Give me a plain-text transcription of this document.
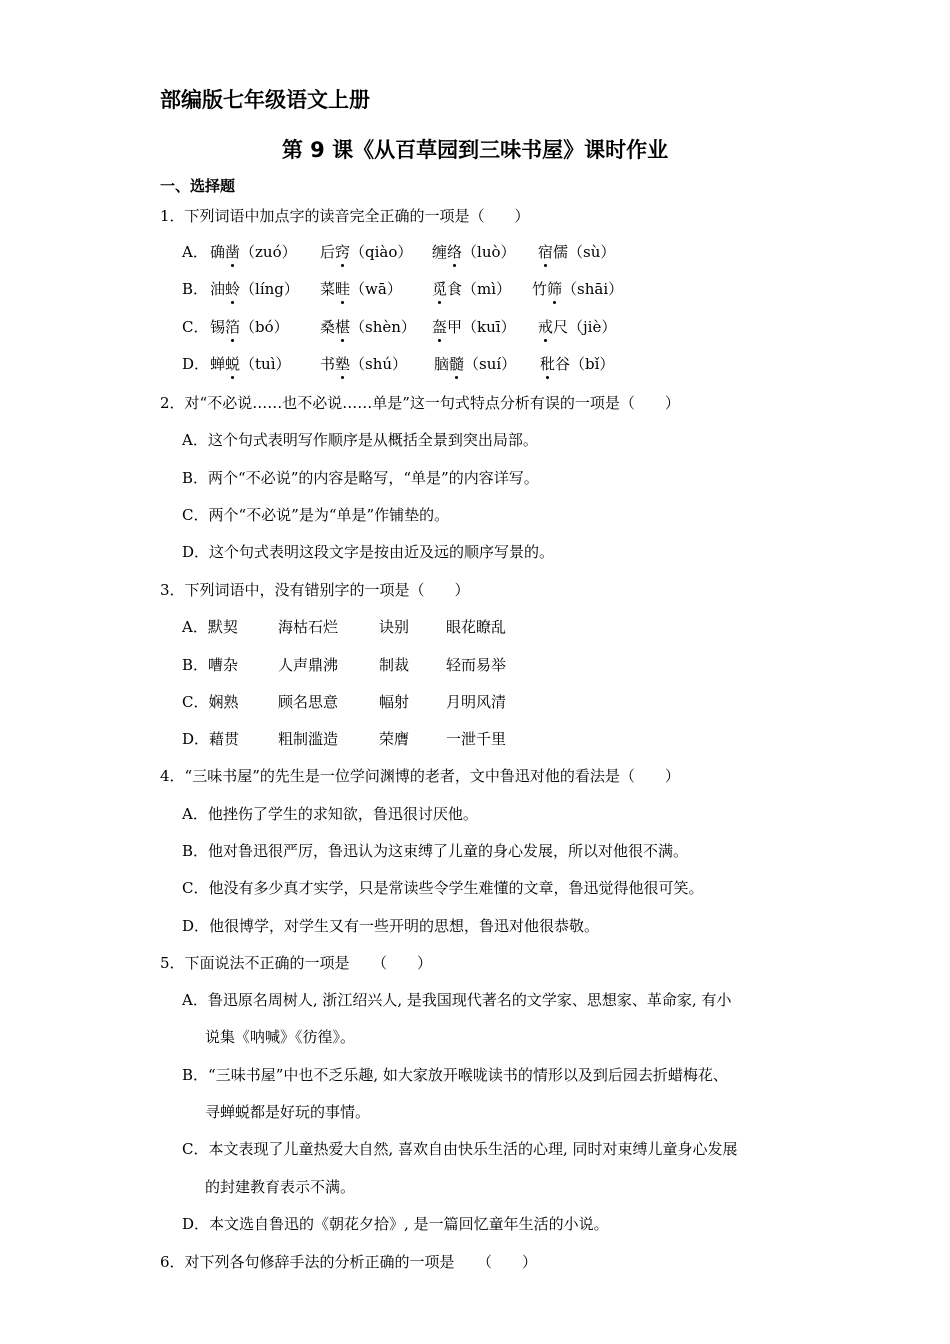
部编版七年级语文上册
第 9 课《从百草园到三味书屋》课时作业
一、选择题
1．下列词语中加点字的读音完全正确的一项是（　　）
A． 确凿（zuó）	后窍（qiào）	缠络（luò）	宿儒（sù）
B． 油蛉（líng）	菜畦（wā）	觅食（mì）	竹筛（shāi）
C． 锡箔（bó）	桑椹（shèn）	盔甲（kuī）	戒尺（jiè）
D． 蝉蜕（tuì）	书塾（shú）	脑髓（suí）	秕谷（bǐ）
2．对“不必说……也不必说……单是”这一句式特点分析有误的一项是（　　）
A．这个句式表明写作顺序是从概括全景到突出局部。
B．两个“不必说”的内容是略写，“单是”的内容详写。
C．两个“不必说”是为“单是”作铺垫的。
D．这个句式表明这段文字是按由近及远的顺序写景的。
3．下列词语中，没有错别字的一项是（　　）
A．默契	海枯石烂	诀别	眼花瞭乱
B．嘈杂	人声鼎沸	制裁	轻而易举
C．娴熟	顾名思意	幅射	月明风清
D．藉贯	粗制滥造	荣膺	一泄千里
4．“三味书屋”的先生是一位学问渊博的老者，文中鲁迅对他的看法是（　　）
A．他挫伤了学生的求知欲，鲁迅很讨厌他。
B．他对鲁迅很严厉，鲁迅认为这束缚了儿童的身心发展，所以对他很不满。
C．他没有多少真才实学，只是常读些令学生难懂的文章，鲁迅觉得他很可笑。
D．他很博学，对学生又有一些开明的思想，鲁迅对他很恭敬。
5．下面说法不正确的一项是　　（　　）
A．鲁迅原名周树人, 浙江绍兴人, 是我国现代著名的文学家、思想家、革命家, 有小
说集《呐喊》《彷徨》。
B．“三味书屋”中也不乏乐趣, 如大家放开喉咙读书的情形以及到后园去折蜡梅花、
寻蝉蜕都是好玩的事情。
C．本文表现了儿童热爱大自然, 喜欢自由快乐生活的心理, 同时对束缚儿童身心发展
的封建教育表示不满。
D．本文选自鲁迅的《朝花夕拾》, 是一篇回忆童年生活的小说。
6．对下列各句修辞手法的分析正确的一项是　　（　　）
